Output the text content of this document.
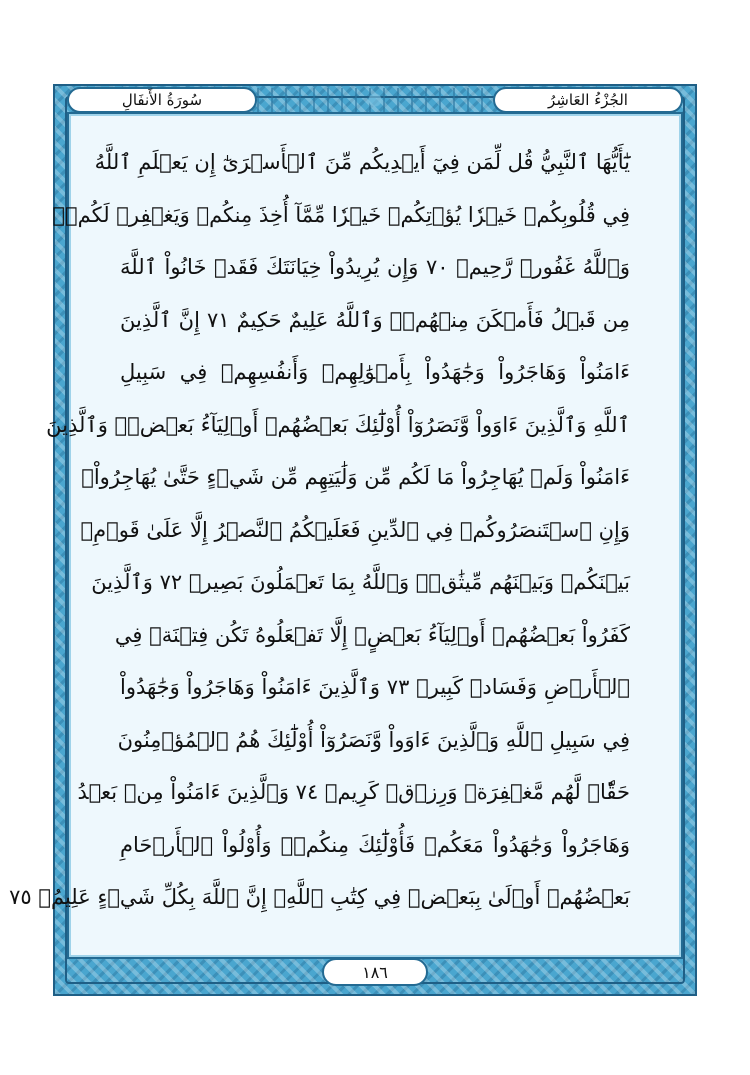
الجُزْءُ العَاشِرُ
سُورَةُ الأَنفَالِ
يَٰٓأَيُّهَا ٱلنَّبِيُّ قُل لِّمَن فِيٓ أَيۡدِيكُم مِّنَ ٱلۡأَسۡرَىٰٓ إِن يَعۡلَمِ ٱللَّهُ
فِي قُلُوبِكُمۡ خَيۡرٗا يُؤۡتِكُمۡ خَيۡرٗا مِّمَّآ أُخِذَ مِنكُمۡ وَيَغۡفِرۡ لَكُمۡۚ
وَٱللَّهُ غَفُورٞ رَّحِيمٞ ٧٠ وَإِن يُرِيدُواْ خِيَانَتَكَ فَقَدۡ خَانُواْ ٱللَّهَ
مِن قَبۡلُ فَأَمۡكَنَ مِنۡهُمۡۗ وَٱللَّهُ عَلِيمٌ حَكِيمٌ ٧١ إِنَّ ٱلَّذِينَ
ءَامَنُواْ وَهَاجَرُواْ وَجَٰهَدُواْ بِأَمۡوَٰلِهِمۡ وَأَنفُسِهِمۡ فِي سَبِيلِ
ٱللَّهِ وَٱلَّذِينَ ءَاوَواْ وَّنَصَرُوٓاْ أُوْلَٰٓئِكَ بَعۡضُهُمۡ أَوۡلِيَآءُ بَعۡضٖۚ وَٱلَّذِينَ
ءَامَنُواْ وَلَمۡ يُهَاجِرُواْ مَا لَكُم مِّن وَلَٰيَتِهِم مِّن شَيۡءٍ حَتَّىٰ يُهَاجِرُواْۚ
وَإِنِ ٱسۡتَنصَرُوكُمۡ فِي ٱلدِّينِ فَعَلَيۡكُمُ ٱلنَّصۡرُ إِلَّا عَلَىٰ قَوۡمِۭ
بَيۡنَكُمۡ وَبَيۡنَهُم مِّيثَٰقٞۗ وَٱللَّهُ بِمَا تَعۡمَلُونَ بَصِيرٞ ٧٢ وَٱلَّذِينَ
كَفَرُواْ بَعۡضُهُمۡ أَوۡلِيَآءُ بَعۡضٍۚ إِلَّا تَفۡعَلُوهُ تَكُن فِتۡنَةٞ فِي
ٱلۡأَرۡضِ وَفَسَادٞ كَبِيرٞ ٧٣ وَٱلَّذِينَ ءَامَنُواْ وَهَاجَرُواْ وَجَٰهَدُواْ
فِي سَبِيلِ ٱللَّهِ وَٱلَّذِينَ ءَاوَواْ وَّنَصَرُوٓاْ أُوْلَٰٓئِكَ هُمُ ٱلۡمُؤۡمِنُونَ
حَقّٗاۚ لَّهُم مَّغۡفِرَةٞ وَرِزۡقٞ كَرِيمٞ ٧٤ وَٱلَّذِينَ ءَامَنُواْ مِنۢ بَعۡدُ
وَهَاجَرُواْ وَجَٰهَدُواْ مَعَكُمۡ فَأُوْلَٰٓئِكَ مِنكُمۡۚ وَأُوْلُواْ ٱلۡأَرۡحَامِ
بَعۡضُهُمۡ أَوۡلَىٰ بِبَعۡضٖ فِي كِتَٰبِ ٱللَّهِۚ إِنَّ ٱللَّهَ بِكُلِّ شَيۡءٍ عَلِيمُۢ ٧٥
١٨٦
